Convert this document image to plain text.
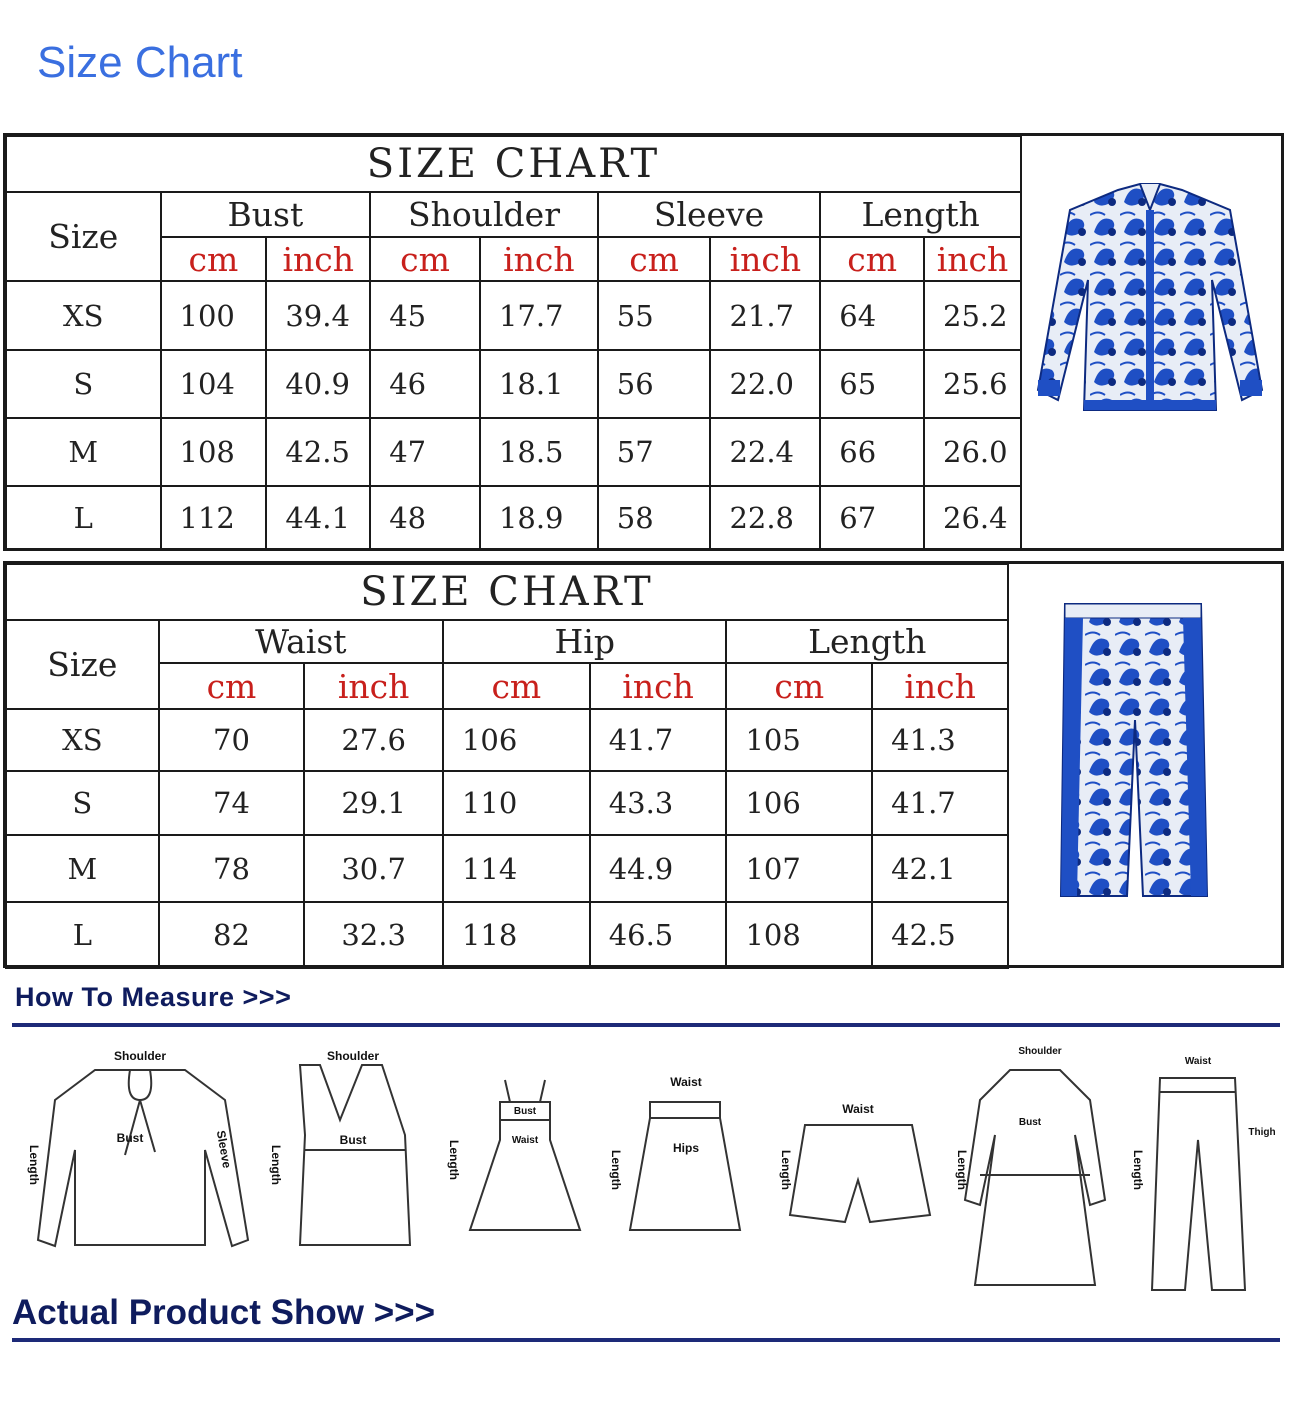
Size Chart
SIZE CHART								
Size	Bust		Shoulder		Sleeve		Length	
	cm	inch	cm	inch	cm	inch	cm	inch
XS	100	39.4	45	17.7	55	21.7	64	25.2
S	104	40.9	46	18.1	56	22.0	65	25.6
M	108	42.5	47	18.5	57	22.4	66	26.0
L	112	44.1	48	18.9	58	22.8	67	26.4
SIZE CHART						
Size	Waist		Hip		Length	
	cm	inch	cm	inch	cm	inch
XS	70	27.6	106	41.7	105	41.3
S	74	29.1	110	43.3	106	41.7
M	78	30.7	114	44.9	107	42.1
L	82	32.3	118	46.5	108	42.5
How To Measure >>>
Shoulder
Bust	Sleeve
Length
Shoulder
Bust
Length
Bust
Waist
Length
Waist
Hips
Length
Waist
Length
Shoulder
Bust
Length
Waist
Thigh
Length
Actual Product Show >>>
